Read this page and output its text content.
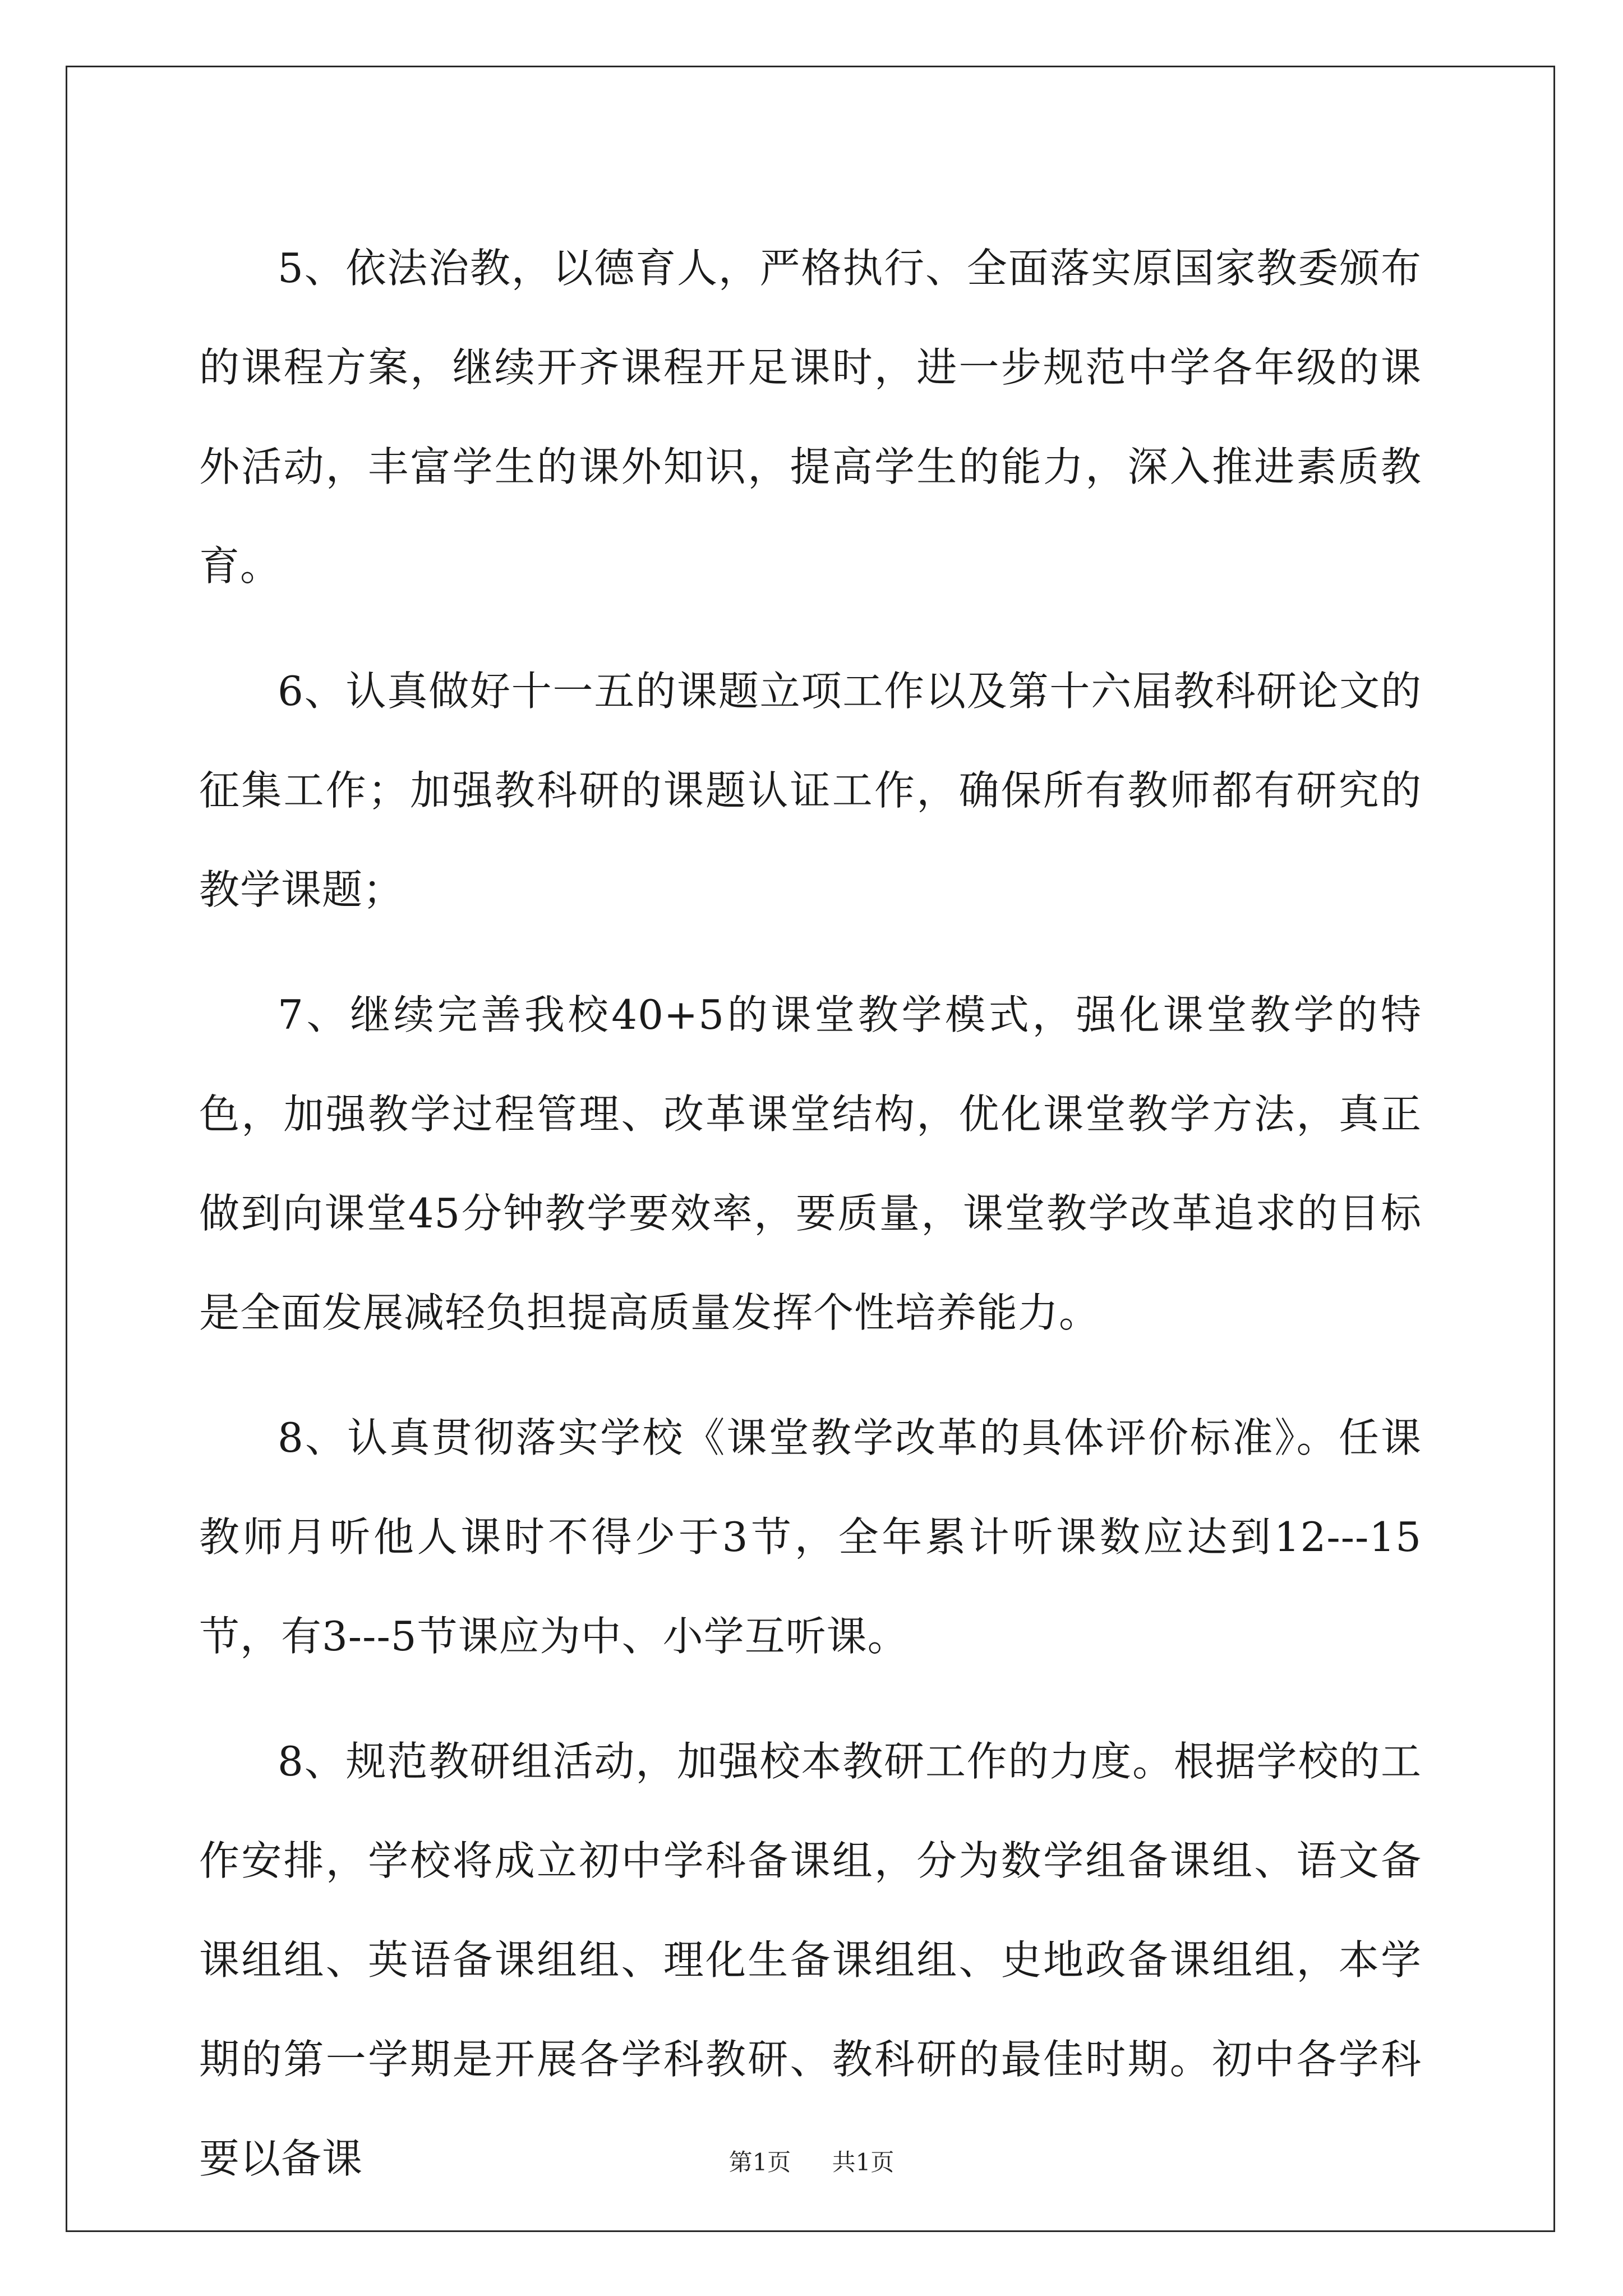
5、依法治教，以德育人，严格执行、全面落实原国家教委颁布的课程方案，继续开齐课程开足课时，进一步规范中学各年级的课外活动，丰富学生的课外知识，提高学生的能力，深入推进素质教育。

6、认真做好十一五的课题立项工作以及第十六届教科研论文的征集工作；加强教科研的课题认证工作，确保所有教师都有研究的教学课题；

7、继续完善我校40+5的课堂教学模式，强化课堂教学的特色，加强教学过程管理、改革课堂结构，优化课堂教学方法，真正做到向课堂45分钟教学要效率，要质量，课堂教学改革追求的目标是全面发展减轻负担提高质量发挥个性培养能力。

8、认真贯彻落实学校《课堂教学改革的具体评价标准》。任课教师月听他人课时不得少于3节，全年累计听课数应达到12---15节，有3---5节课应为中、小学互听课。

8、规范教研组活动，加强校本教研工作的力度。根据学校的工作安排，学校将成立初中学科备课组，分为数学组备课组、语文备课组组、英语备课组组、理化生备课组组、史地政备课组组，本学期的第一学期是开展各学科教研、教科研的最佳时期。初中各学科要以备课	第1页 共1页
